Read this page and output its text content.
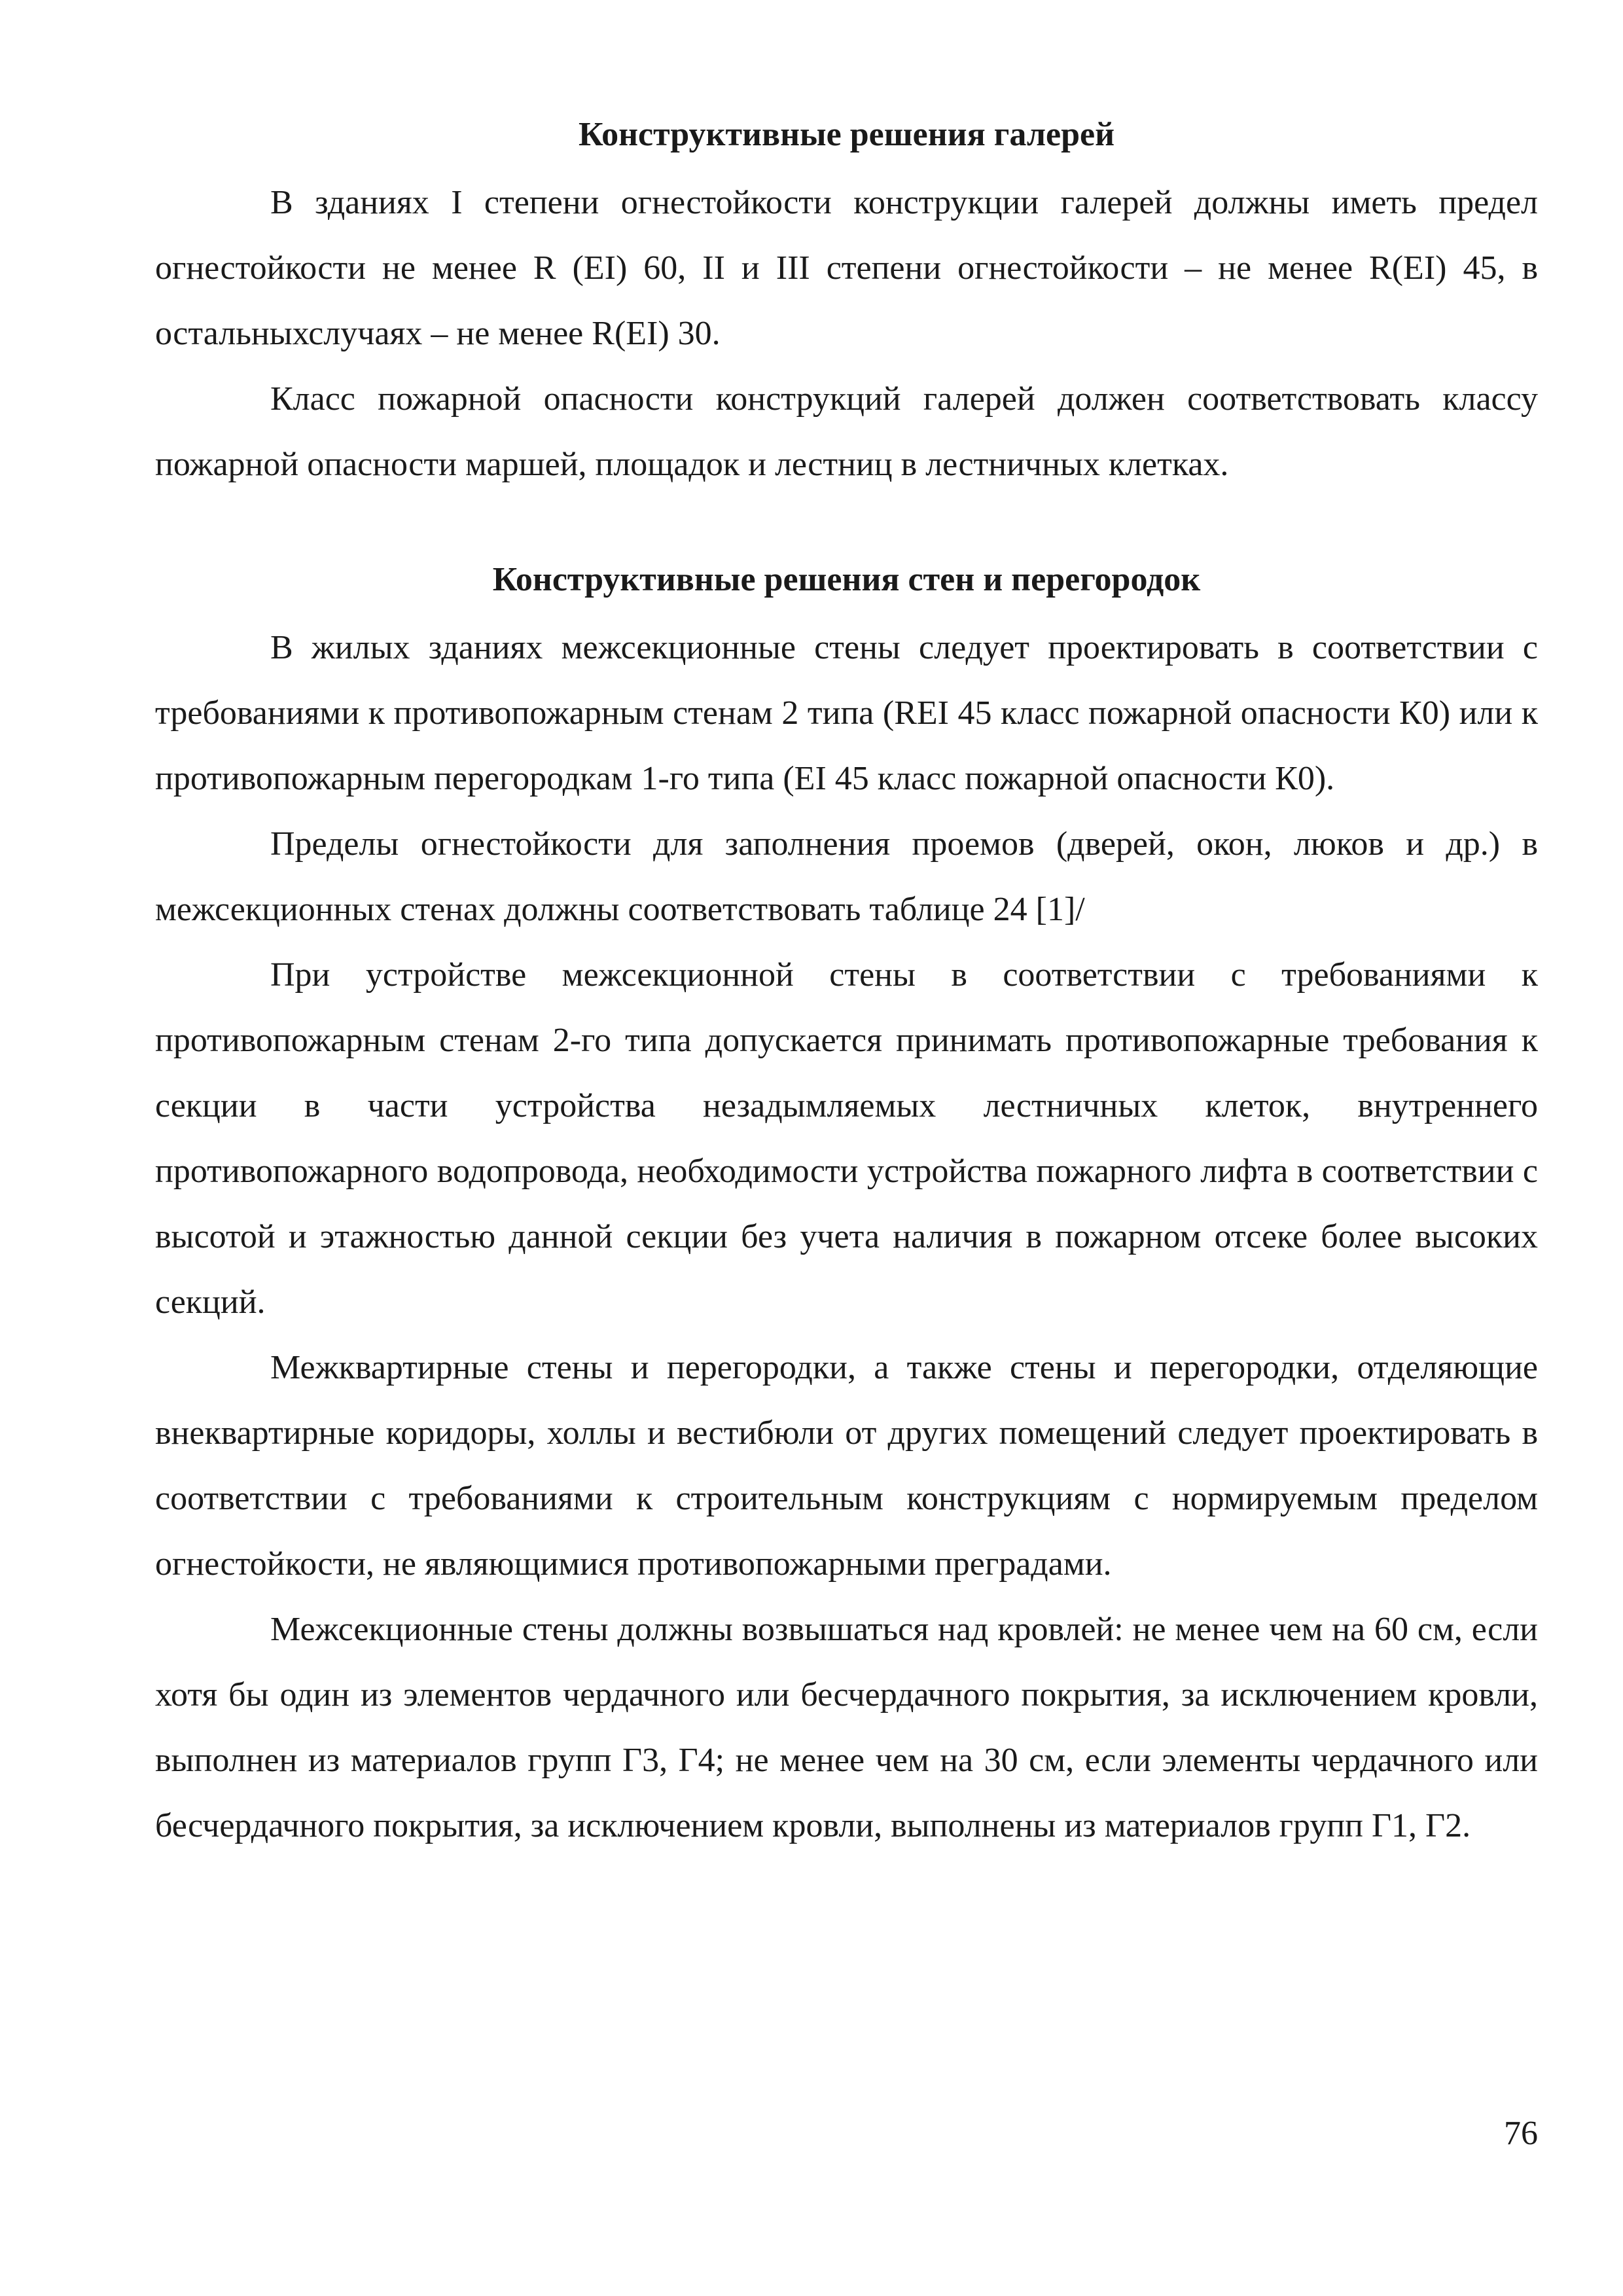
Конструктивные решения галерей

В зданиях I степени огнестойкости конструкции галерей должны иметь предел огнестойкости не менее R (EI) 60, II и III степени огнестойкости – не менее R(EI) 45, в остальныхслучаях – не менее R(EI) 30.

Класс пожарной опасности конструкций галерей должен соответствовать классу пожарной опасности маршей, площадок и лестниц в лестничных клетках.

Конструктивные решения стен и перегородок

В жилых зданиях межсекционные стены следует проектировать в соответствии с требованиями к противопожарным стенам 2 типа (REI 45 класс пожарной опасности К0) или к противопожарным перегородкам 1-го типа (EI 45 класс пожарной опасности К0).

Пределы огнестойкости для заполнения проемов (дверей, окон, люков и др.) в межсекционных стенах должны соответствовать таблице 24 [1]/

При устройстве межсекционной стены в соответствии с требованиями к противопожарным стенам 2-го типа допускается принимать противопожарные требования к секции в части устройства незадымляемых лестничных клеток, внутреннего противопожарного водопровода, необходимости устройства пожарного лифта в соответствии с высотой и этажностью данной секции без учета наличия в пожарном отсеке более высоких секций.

Межквартирные стены и перегородки, а также стены и перегородки, отделяющие внеквартирные коридоры, холлы и вестибюли от других помещений следует проектировать в соответствии с требованиями к строительным конструкциям с нормируемым пределом огнестойкости, не являющимися противопожарными преградами.

Межсекционные стены должны возвышаться над кровлей: не менее чем на 60 см, если хотя бы один из элементов чердачного или бесчердачного покрытия, за исключением кровли, выполнен из материалов групп Г3, Г4; не менее чем на 30 см, если элементы чердачного или бесчердачного покрытия, за исключением кровли, выполнены из материалов групп Г1, Г2.

76
